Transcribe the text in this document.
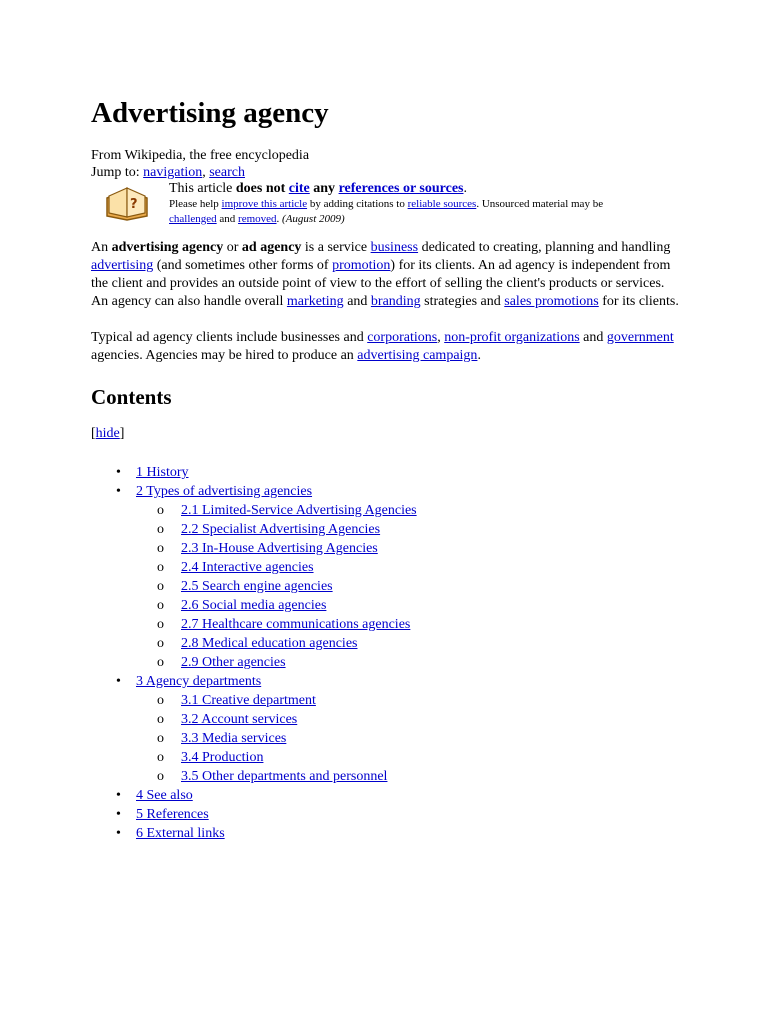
Advertising agency
From Wikipedia, the free encyclopedia
Jump to: navigation, search
?
This article does not cite any references or sources.
Please help improve this article by adding citations to reliable sources. Unsourced material may be
challenged and removed. (August 2009)

An advertising agency or ad agency is a service business dedicated to creating, planning and handling advertising (and sometimes other forms of promotion) for its clients. An ad agency is independent from the client and provides an outside point of view to the effort of selling the client's products or services. An agency can also handle overall marketing and branding strategies and sales promotions for its clients.

Typical ad agency clients include businesses and corporations, non-profit organizations and government agencies. Agencies may be hired to produce an advertising campaign.

Contents
[hide]
• 1 History
• 2 Types of advertising agencies
o 2.1 Limited-Service Advertising Agencies
o 2.2 Specialist Advertising Agencies
o 2.3 In-House Advertising Agencies
o 2.4 Interactive agencies
o 2.5 Search engine agencies
o 2.6 Social media agencies
o 2.7 Healthcare communications agencies
o 2.8 Medical education agencies
o 2.9 Other agencies
• 3 Agency departments
o 3.1 Creative department
o 3.2 Account services
o 3.3 Media services
o 3.4 Production
o 3.5 Other departments and personnel
• 4 See also
• 5 References
• 6 External links
